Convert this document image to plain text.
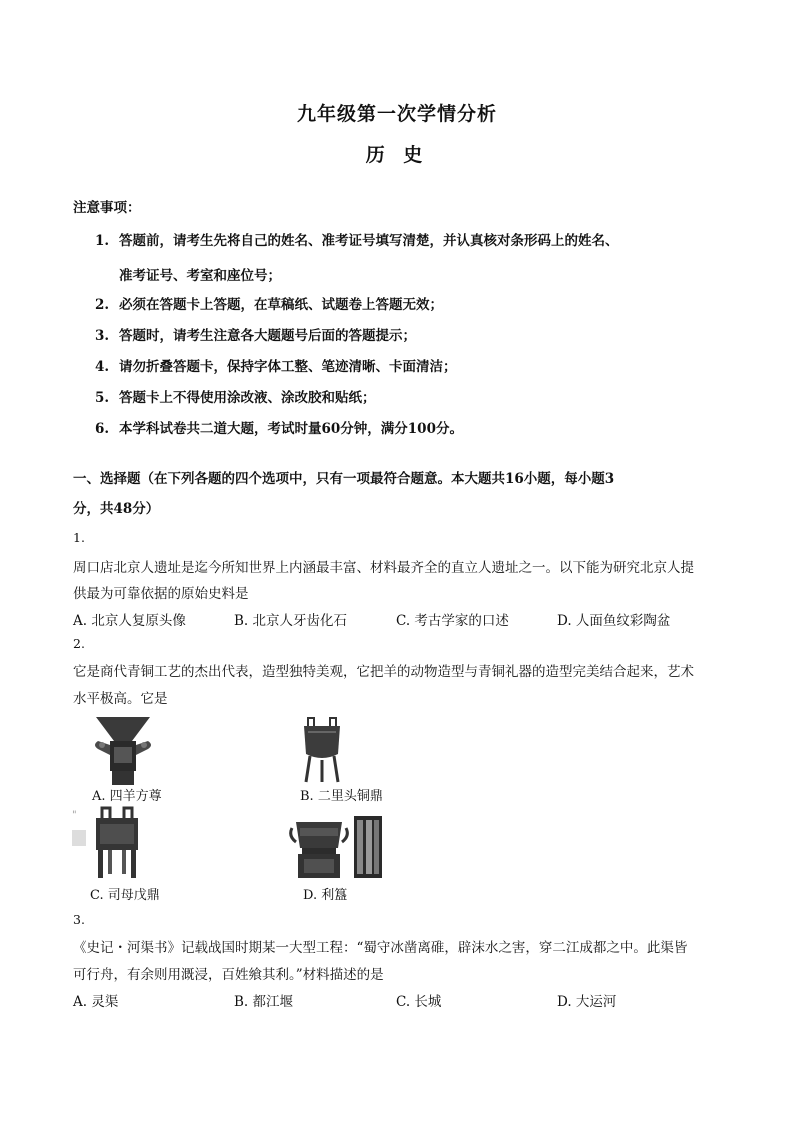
九年级第一次学情分析
历 史
注意事项：
1. 答题前，请考生先将自己的姓名、准考证号填写清楚，并认真核对条形码上的姓名、
准考证号、考室和座位号；
2. 必须在答题卡上答题，在草稿纸、试题卷上答题无效；
3. 答题时，请考生注意各大题题号后面的答题提示；
4. 请勿折叠答题卡，保持字体工整、笔迹清晰、卡面清洁；
5. 答题卡上不得使用涂改液、涂改胶和贴纸；
6. 本学科试卷共二道大题，考试时量60分钟，满分100分。
一、选择题（在下列各题的四个选项中，只有一项最符合题意。本大题共16小题，每小题3
分，共48分）
1.
周口店北京人遗址是迄今所知世界上内涵最丰富、材料最齐全的直立人遗址之一。以下能为研究北京人提
供最为可靠依据的原始史料是
A. 北京人复原头像	B. 北京人牙齿化石	C. 考古学家的口述	D. 人面鱼纹彩陶盆
2.
它是商代青铜工艺的杰出代表，造型独特美观，它把羊的动物造型与青铜礼器的造型完美结合起来，艺术
水平极高。它是
A. 四羊方尊	B. 二里头铜鼎
"
C. 司母戊鼎	D. 利簋
3.
《史记・河渠书》记载战国时期某一大型工程：“蜀守冰凿离碓，辟沫水之害，穿二江成都之中。此渠皆
可行舟，有余则用溉浸，百姓飨其利。”材料描述的是
A. 灵渠	B. 都江堰	C. 长城	D. 大运河
